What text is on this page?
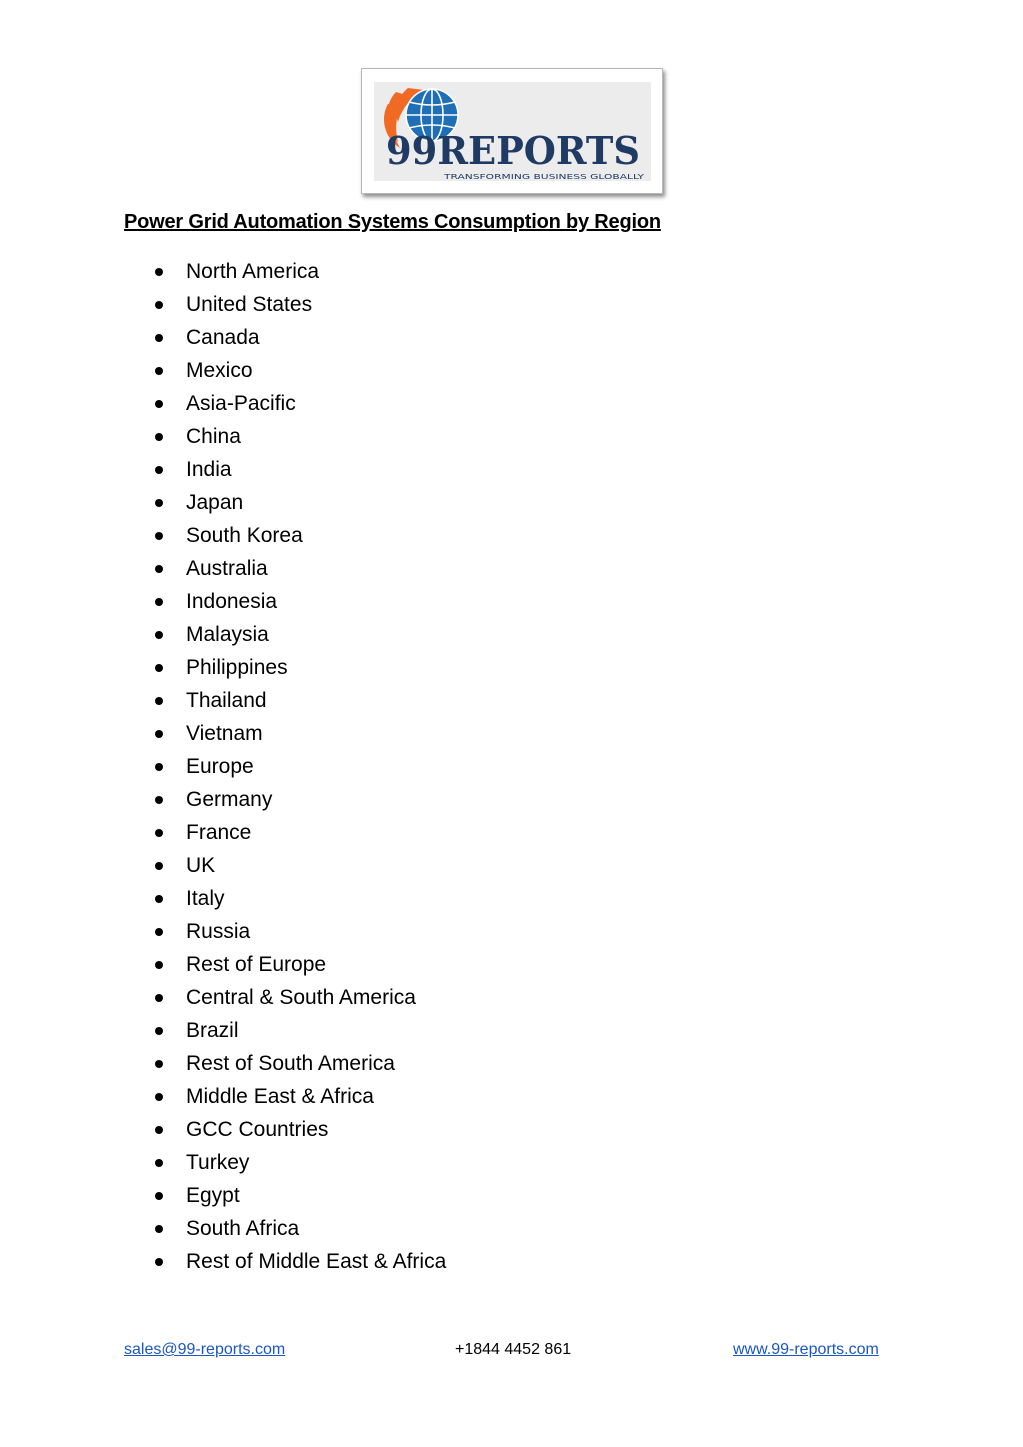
99REPORTS
TRANSFORMING BUSINESS GLOBALLY
Power Grid Automation Systems Consumption by Region
North America
United States
Canada
Mexico
Asia-Pacific
China
India
Japan
South Korea
Australia
Indonesia
Malaysia
Philippines
Thailand
Vietnam
Europe
Germany
France
UK
Italy
Russia
Rest of Europe
Central & South America
Brazil
Rest of South America
Middle East & Africa
GCC Countries
Turkey
Egypt
South Africa
Rest of Middle East & Africa
sales@99-reports.com	+1844 4452 861	www.99-reports.com
